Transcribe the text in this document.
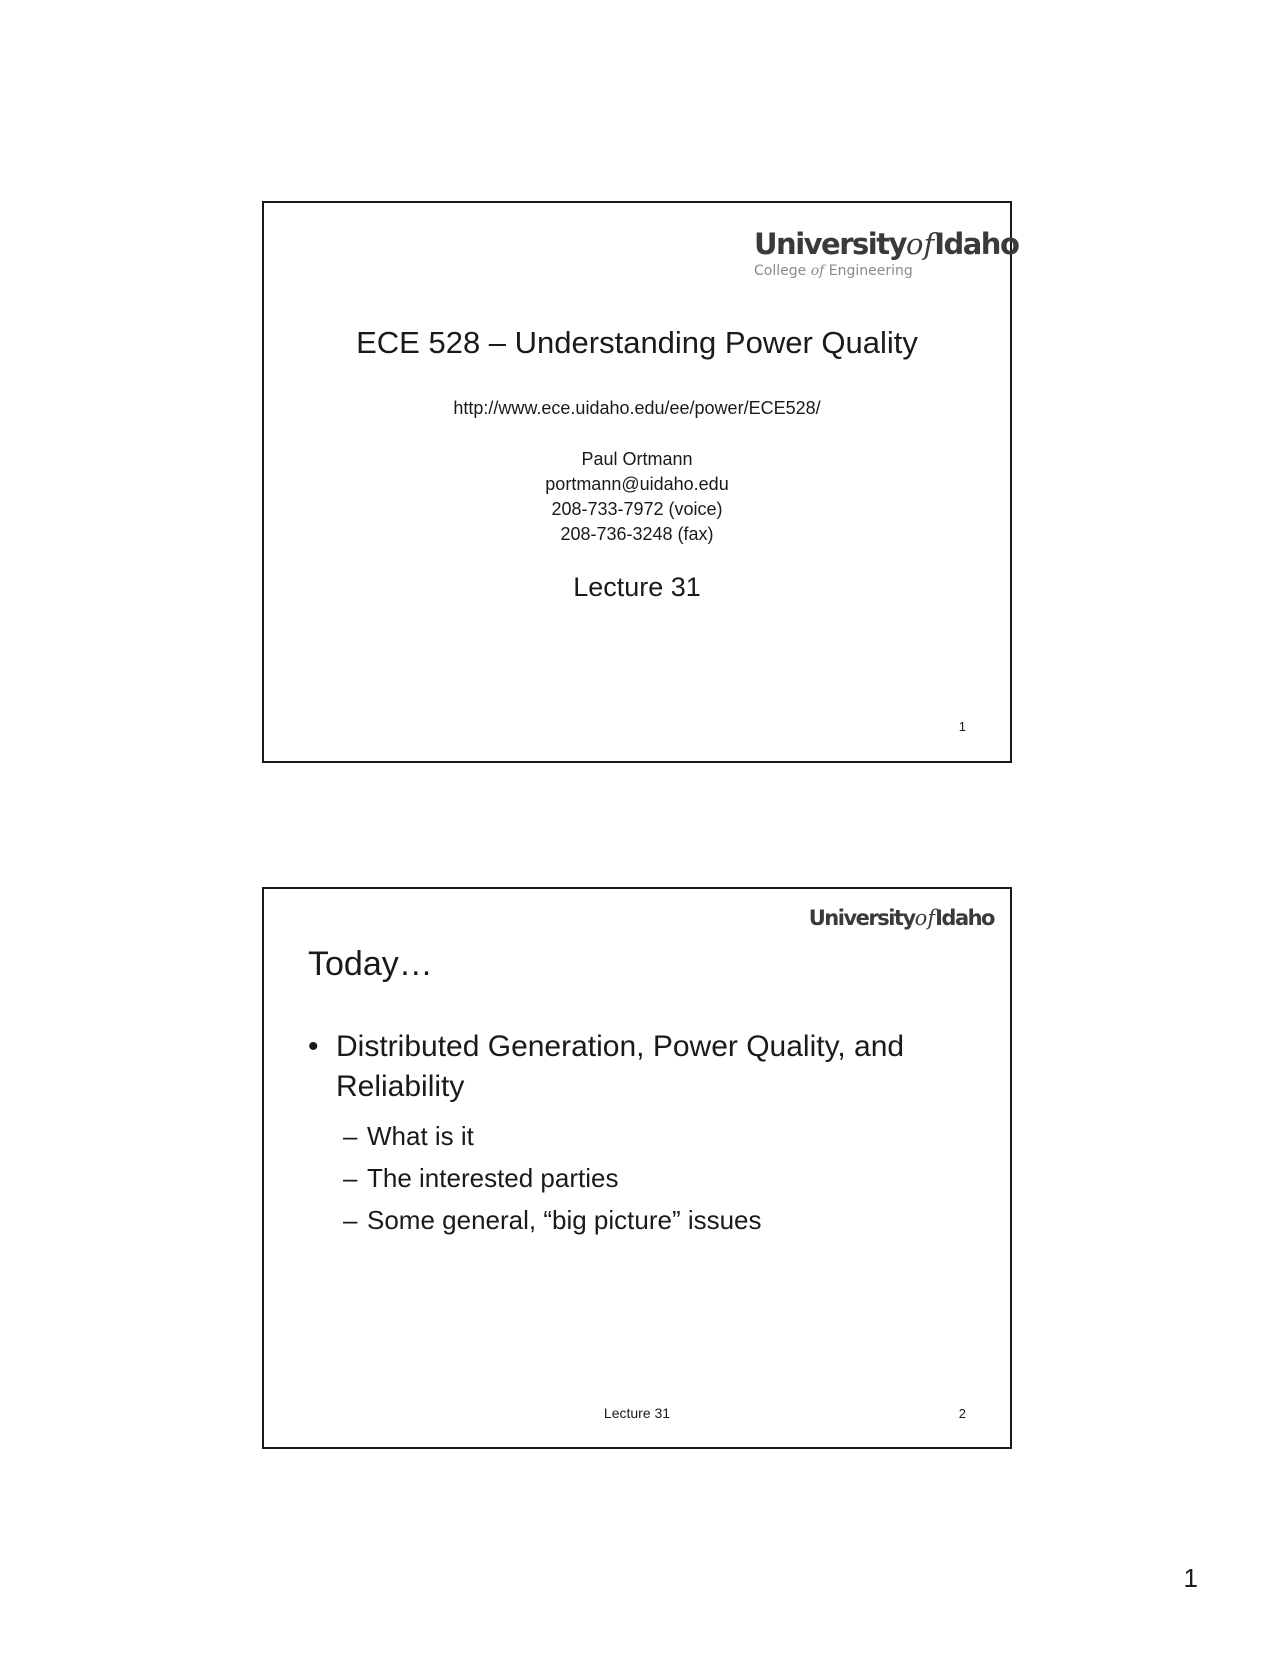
UniversityofIdaho
College of Engineering
ECE 528 – Understanding Power Quality
http://www.ece.uidaho.edu/ee/power/ECE528/
Paul Ortmann
portmann@uidaho.edu
208-733-7972 (voice)
208-736-3248 (fax)
Lecture 31
1
UniversityofIdaho
Today…
• Distributed Generation, Power Quality, and Reliability
– What is it
– The interested parties
– Some general, “big picture” issues
Lecture 31	2
1
